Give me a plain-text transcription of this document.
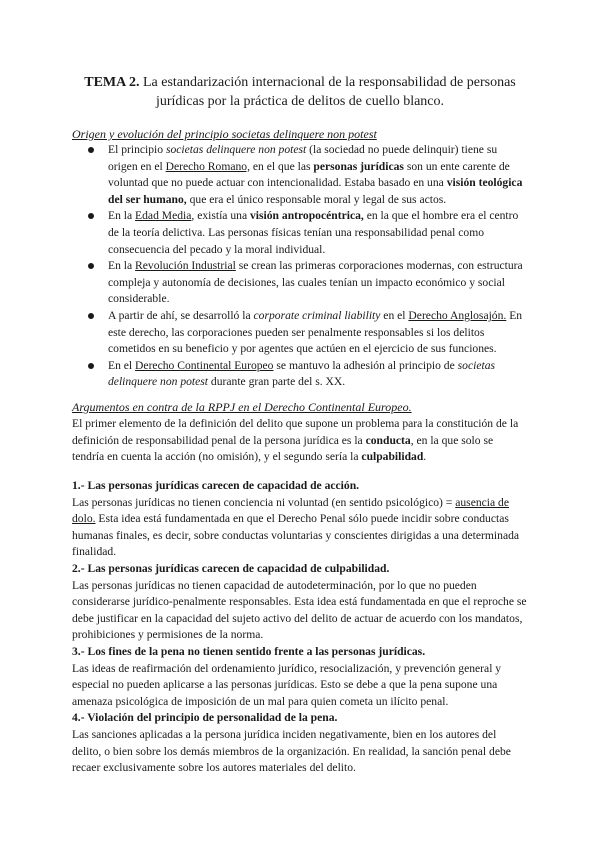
TEMA 2. La estandarización internacional de la responsabilidad de personas jurídicas por la práctica de delitos de cuello blanco.
Origen y evolución del principio societas delinquere non potest
El principio societas delinquere non potest (la sociedad no puede delinquir) tiene su origen en el Derecho Romano, en el que las personas jurídicas son un ente carente de voluntad que no puede actuar con intencionalidad. Estaba basado en una visión teológica del ser humano, que era el único responsable moral y legal de sus actos.
En la Edad Media, existía una visión antropocéntrica, en la que el hombre era el centro de la teoría delictiva. Las personas físicas tenían una responsabilidad penal como consecuencia del pecado y la moral individual.
En la Revolución Industrial se crean las primeras corporaciones modernas, con estructura compleja y autonomía de decisiones, las cuales tenían un impacto económico y social considerable.
A partir de ahí, se desarrolló la corporate criminal liability en el Derecho Anglosajón. En este derecho, las corporaciones pueden ser penalmente responsables si los delitos cometidos en su beneficio y por agentes que actúen en el ejercicio de sus funciones.
En el Derecho Continental Europeo se mantuvo la adhesión al principio de societas delinquere non potest durante gran parte del s. XX.
Argumentos en contra de la RPPJ en el Derecho Continental Europeo.
El primer elemento de la definición del delito que supone un problema para la constitución de la definición de responsabilidad penal de la persona jurídica es la conducta, en la que solo se tendría en cuenta la acción (no omisión), y el segundo sería la culpabilidad.
1.- Las personas jurídicas carecen de capacidad de acción.
Las personas jurídicas no tienen conciencia ni voluntad (en sentido psicológico) = ausencia de dolo. Esta idea está fundamentada en que el Derecho Penal sólo puede incidir sobre conductas humanas finales, es decir, sobre conductas voluntarias y conscientes dirigidas a una determinada finalidad.
2.- Las personas jurídicas carecen de capacidad de culpabilidad.
Las personas jurídicas no tienen capacidad de autodeterminación, por lo que no pueden considerarse jurídico-penalmente responsables. Esta idea está fundamentada en que el reproche se debe justificar en la capacidad del sujeto activo del delito de actuar de acuerdo con los mandatos, prohibiciones y permisiones de la norma.
3.- Los fines de la pena no tienen sentido frente a las personas jurídicas.
Las ideas de reafirmación del ordenamiento jurídico, resocialización, y prevención general y especial no pueden aplicarse a las personas jurídicas. Esto se debe a que la pena supone una amenaza psicológica de imposición de un mal para quien cometa un ilícito penal.
4.- Violación del principio de personalidad de la pena.
Las sanciones aplicadas a la persona jurídica inciden negativamente, bien en los autores del delito, o bien sobre los demás miembros de la organización. En realidad, la sanción penal debe recaer exclusivamente sobre los autores materiales del delito.
